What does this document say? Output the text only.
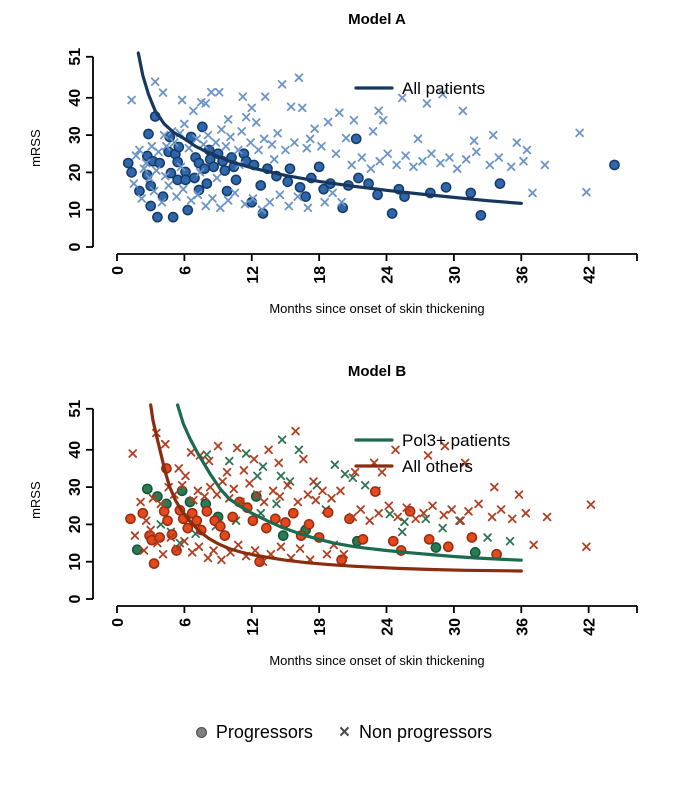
Model A
0
10
20
30
40
51
0	6	12	18	24	30	36	42
Months since onset of skin thickening
mRSS
All patients
Model B
0
10
20
30
40
51
0	6	12	18	24	30	36	42
Months since onset of skin thickening
mRSS
Pol3+ patients
All others
Progressors × Non progressors
